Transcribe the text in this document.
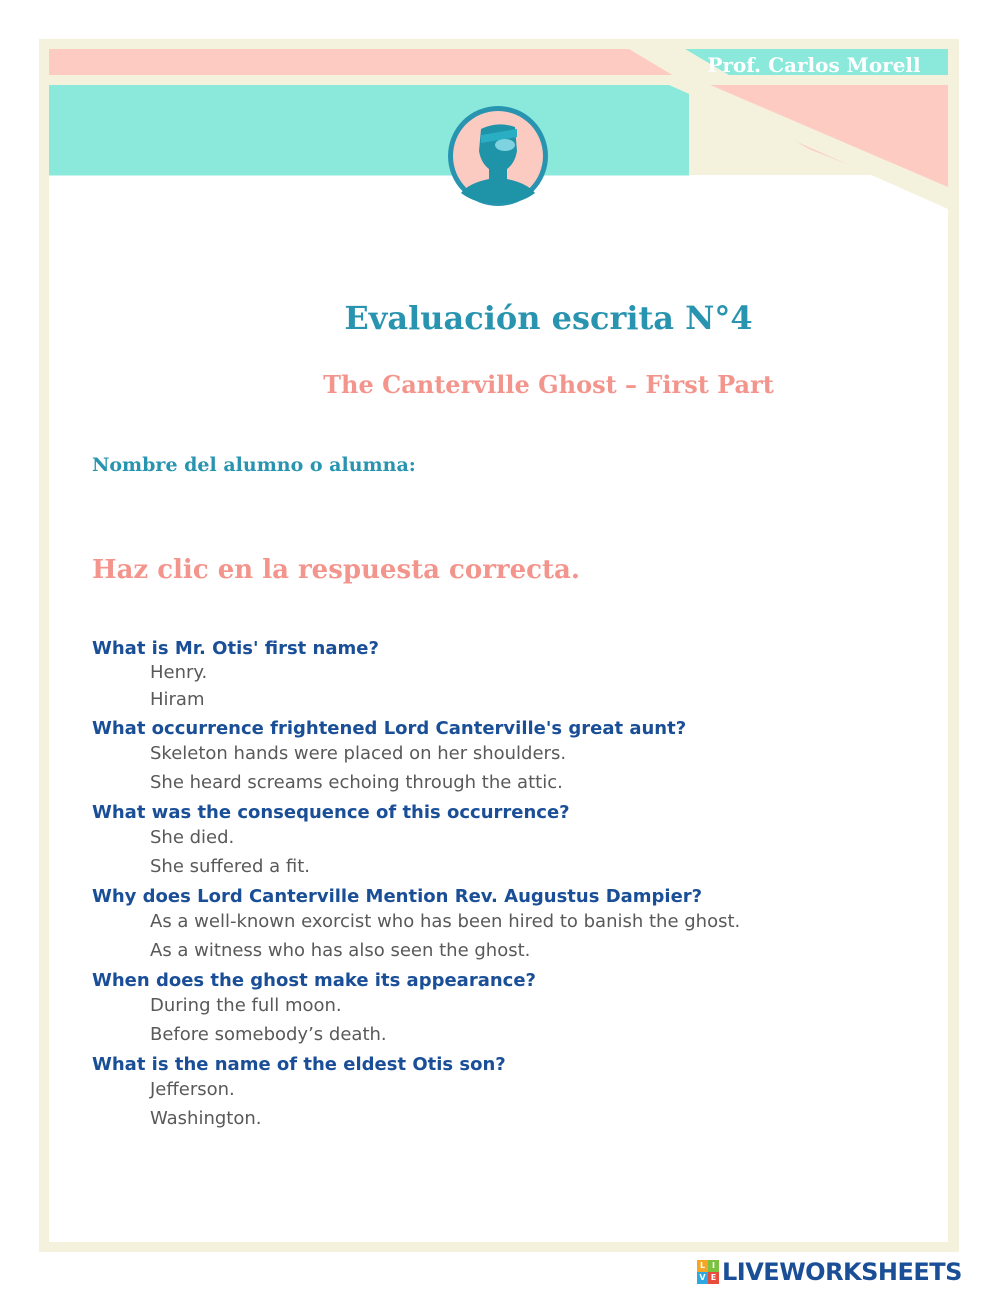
Prof. Carlos Morell
Evaluación escrita N°4
The Canterville Ghost – First Part
Nombre del alumno o alumna:
Haz clic en la respuesta correcta.

What is Mr. Otis' first name?

Henry.
Hiram

What occurrence frightened Lord Canterville's great aunt?

Skeleton hands were placed on her shoulders.
She heard screams echoing through the attic.

What was the consequence of this occurrence?

She died.
She suffered a fit.

Why does Lord Canterville Mention Rev. Augustus Dampier?

As a well-known exorcist who has been hired to banish the ghost.
As a witness who has also seen the ghost.

When does the ghost make its appearance?

During the full moon.
Before somebody’s death.

What is the name of the eldest Otis son?

Jefferson.
Washington.
L I
V E LIVEWORKSHEETS
